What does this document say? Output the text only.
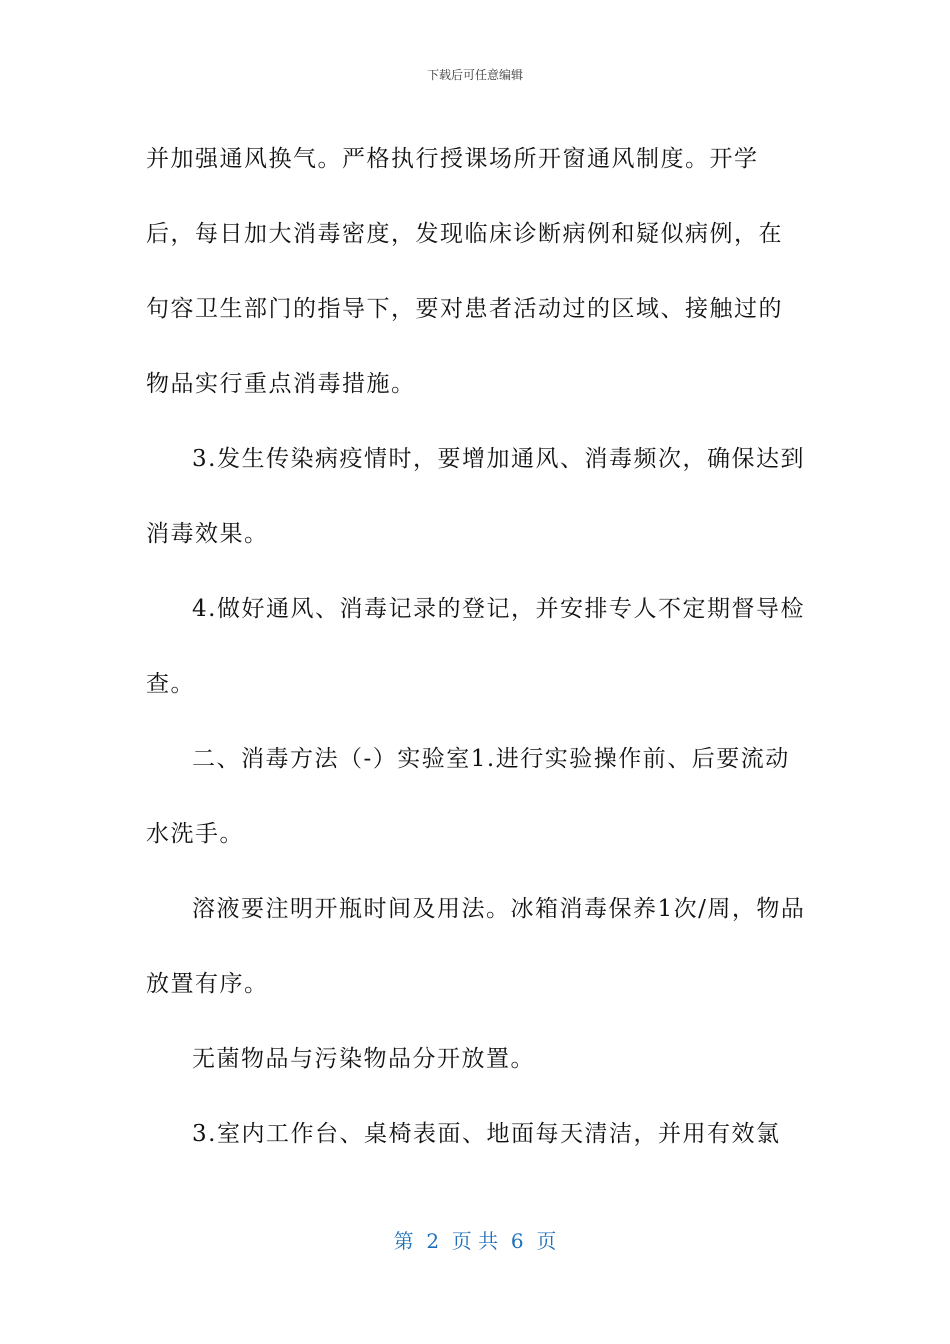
下载后可任意编辑

并加强通风换气。严格执行授课场所开窗通风制度。开学后，每日加大消毒密度，发现临床诊断病例和疑似病例，在句容卫生部门的指导下，要对患者活动过的区域、接触过的物品实行重点消毒措施。

3.发生传染病疫情时，要增加通风、消毒频次，确保达到消毒效果。

4.做好通风、消毒记录的登记，并安排专人不定期督导检查。

二、消毒方法（-）实验室1.进行实验操作前、后要流动水洗手。

溶液要注明开瓶时间及用法。冰箱消毒保养1次/周，物品放置有序。

无菌物品与污染物品分开放置。

3.室内工作台、桌椅表面、地面每天清洁，并用有效氯

第  2  页 共  6  页
